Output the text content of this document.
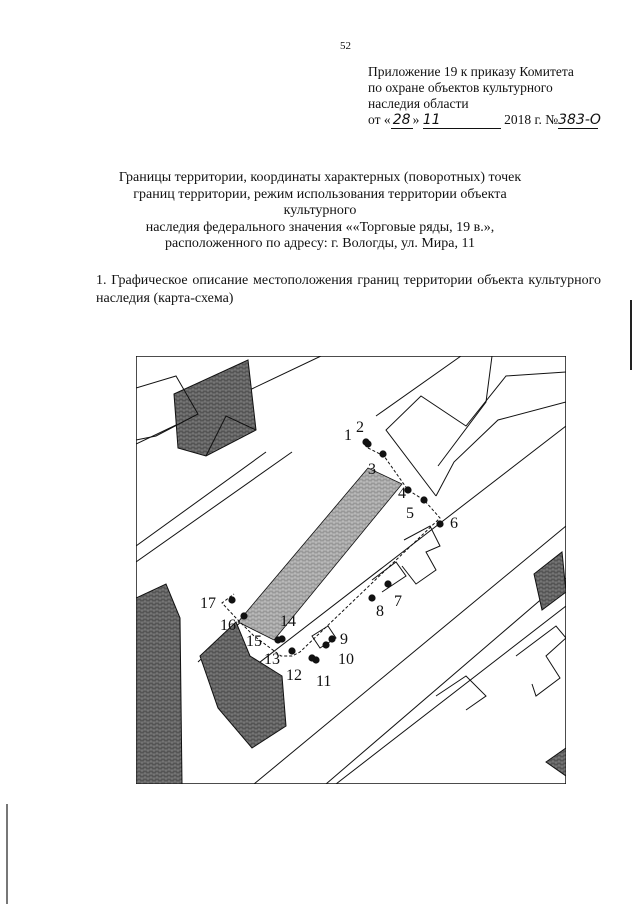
52
Приложение 19 к приказу Комитета
по охране объектов культурного
наследия области
от « 28 » 11	2018 г. №383-О
Границы территории, координаты характерных (поворотных) точек
границ территории, режим использования территории объекта культурного
наследия федерального значения ««Торговые ряды, 19 в.»,
расположенного по адресу: г. Вологды, ул. Мира, 11
1. Графическое описание местоположения границ территории объекта культурного наследия (карта-схема)
1 2
3
4
5
6
7
8
9
10
11
12
13
14
15
16
17
